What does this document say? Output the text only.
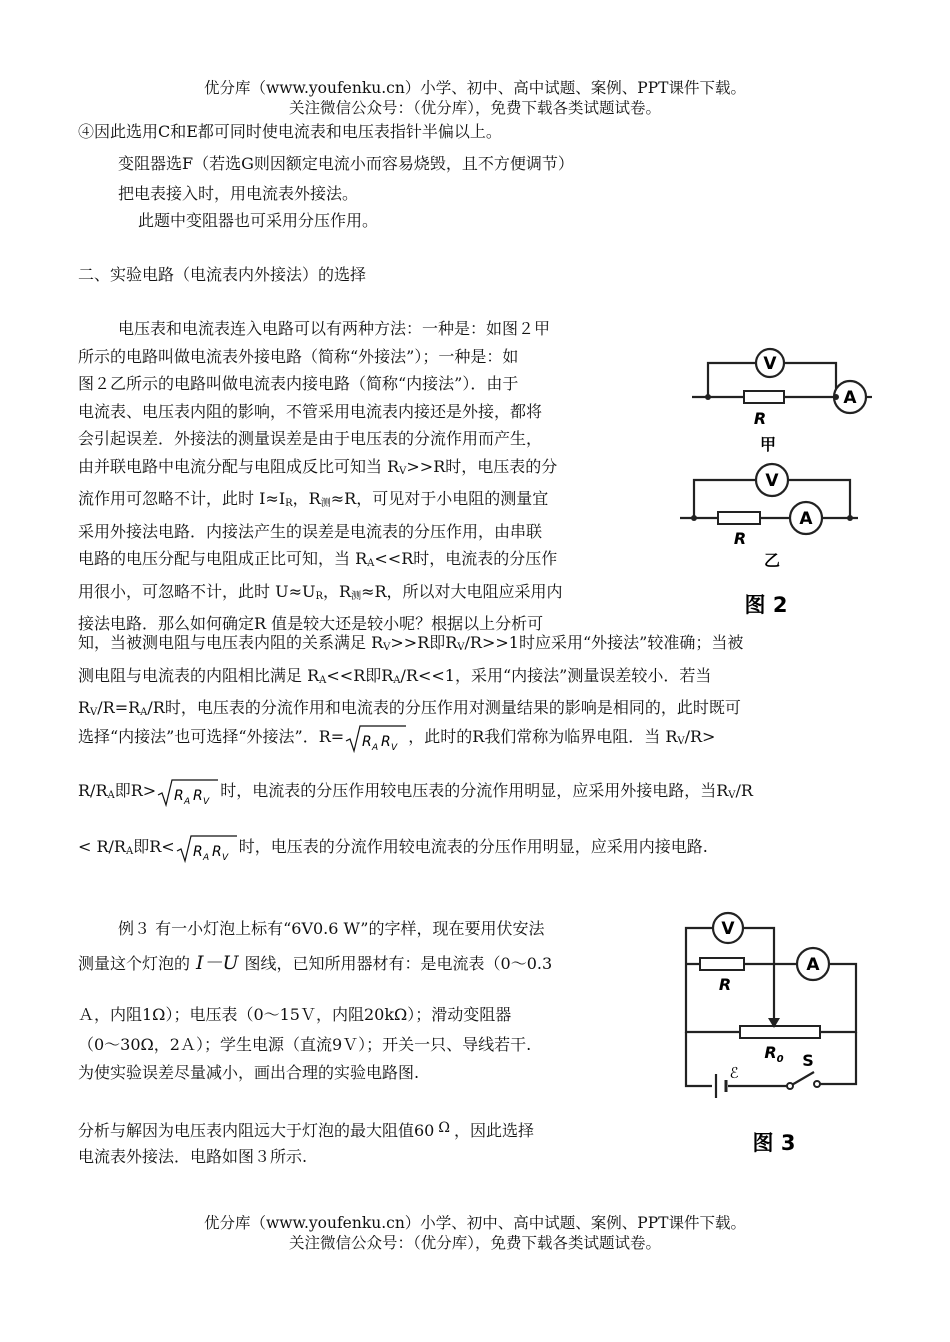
优分库（www.youfenku.cn）小学、初中、高中试题、案例、PPT课件下载。
关注微信公众号：（优分库），免费下载各类试题试卷。
④因此选用C和E都可同时使电流表和电压表指针半偏以上。
变阻器选F（若选G则因额定电流小而容易烧毁，且不方便调节）
把电表接入时，用电流表外接法。
此题中变阻器也可采用分压作用。
二、实验电路（电流表内外接法）的选择

电压表和电流表连入电路可以有两种方法：一种是：如图２甲

所示的电路叫做电流表外接电路（简称“外接法”）；一种是：如

图２乙所示的电路叫做电流表内接电路（简称“内接法”）．由于

电流表、电压表内阻的影响，不管采用电流表内接还是外接，都将

会引起误差．外接法的测量误差是由于电压表的分流作用而产生，

由并联电路中电流分配与电阻成反比可知当 $R_V>>R$时，电压表的分

流作用可忽略不计，此时 $I\approx I_R$，$R_测\approx R$，可见对于小电阻的测量宜

采用外接法电路．内接法产生的误差是电流表的分压作用，由串联

电路的电压分配与电阻成正比可知，当 $R_A<<R$时，电流表的分压作

用很小，可忽略不计，此时 $U\approx U_R$，$R_测\approx R$，所以对大电阻应采用内

接法电路．那么如何确定R 值是较大还是较小呢？根据以上分析可

知，当被测电阻与电压表内阻的关系满足 $R_V>>R$即$R_V/R>>1$时应采用“外接法”较准确；当被

测电阻与电流表的内阻相比满足 $R_A<<R$即$R_A/R<<1$，采用“内接法”测量误差较小．若当

$R_V/R=R_A/R$时，电压表的分流作用和电流表的分压作用对测量结果的影响是相同的，此时既可

选择“内接法”也可选择“外接法”．R= R A R V
，此时的R我们常称为临界电阻．当 $R_V/R>$
$R/R_A$即R> R A R V
时，电流表的分压作用较电压表的分流作用明显，应采用外接电路，当$R_V/R$
< $R/R_A$即R< R A R V
时，电压表的分流作用较电流表的分压作用明显，应采用内接电路.
例３ 有一小灯泡上标有“6V0.6 W”的字样，现在要用伏安法
测量这个灯泡的 I－U 图线，已知所用器材有：是电流表（0～0.3
Ａ，内阻1Ω）；电压表（0～15Ｖ，内阻20kΩ）；滑动变阻器
（0～30Ω，2Ａ）；学生电源（直流9Ｖ）；开关一只、导线若干.
为使实验误差尽量减小，画出合理的实验电路图.
分析与解因为电压表内阻远大于灯泡的最大阻值60 Ω ，因此选择
电流表外接法．电路如图３所示.
V
A
R
甲
V
A
R
乙
图 2
R
V
A
$R_0$
ℰ
S
图 3
优分库（www.youfenku.cn）小学、初中、高中试题、案例、PPT课件下载。
关注微信公众号：（优分库），免费下载各类试题试卷。
